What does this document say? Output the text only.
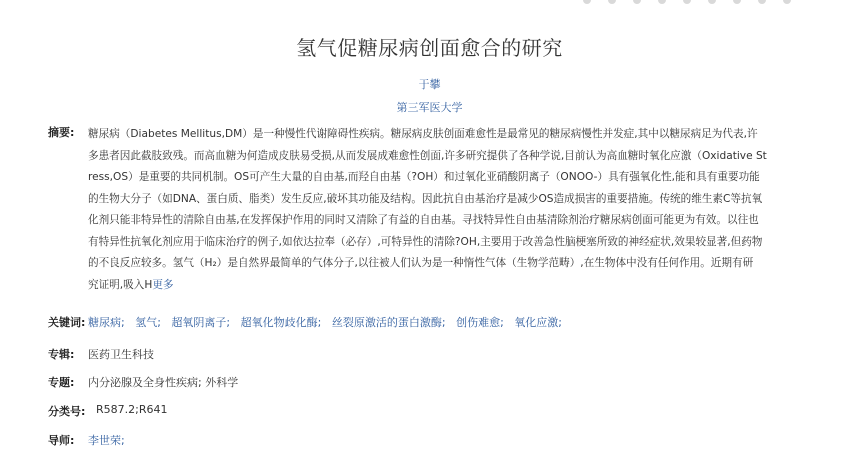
氢气促糖尿病创面愈合的研究
于攀
第三军医大学
摘要: 糖尿病（Diabetes Mellitus,DM）是一种慢性代谢障碍性疾病。糖尿病皮肤创面难愈性是最常见的糖尿病慢性并发症,其中以糖尿病足为代表,许
多患者因此截肢致残。而高血糖为何造成皮肤易受损,从而发展成难愈性创面,许多研究提供了各种学说,目前认为高血糖时氧化应激（Oxidative St
ress,OS）是重要的共同机制。OS可产生大量的自由基,而羟自由基（?OH）和过氧化亚硝酸阴离子（ONOO-）具有强氧化性,能和具有重要功能
的生物大分子（如DNA、蛋白质、脂类）发生反应,破坏其功能及结构。因此抗自由基治疗是减少OS造成损害的重要措施。传统的维生素C等抗氧
化剂只能非特异性的清除自由基,在发挥保护作用的同时又清除了有益的自由基。寻找特异性自由基清除剂治疗糖尿病创面可能更为有效。以往也
有特异性抗氧化剂应用于临床治疗的例子,如依达拉奉（必存）,可特异性的清除?OH,主要用于改善急性脑梗塞所致的神经症状,效果较显著,但药物
的不良反应较多。氢气（H₂）是自然界最简单的气体分子,以往被人们认为是一种惰性气体（生物学范畴）,在生物体中没有任何作用。近期有研
究证明,吸入H更多
关键词: 糖尿病; 氢气; 超氧阴离子; 超氧化物歧化酶; 丝裂原激活的蛋白激酶; 创伤难愈; 氧化应激;
专辑: 医药卫生科技
专题: 内分泌腺及全身性疾病; 外科学
分类号: R587.2;R641
导师: 李世荣;
